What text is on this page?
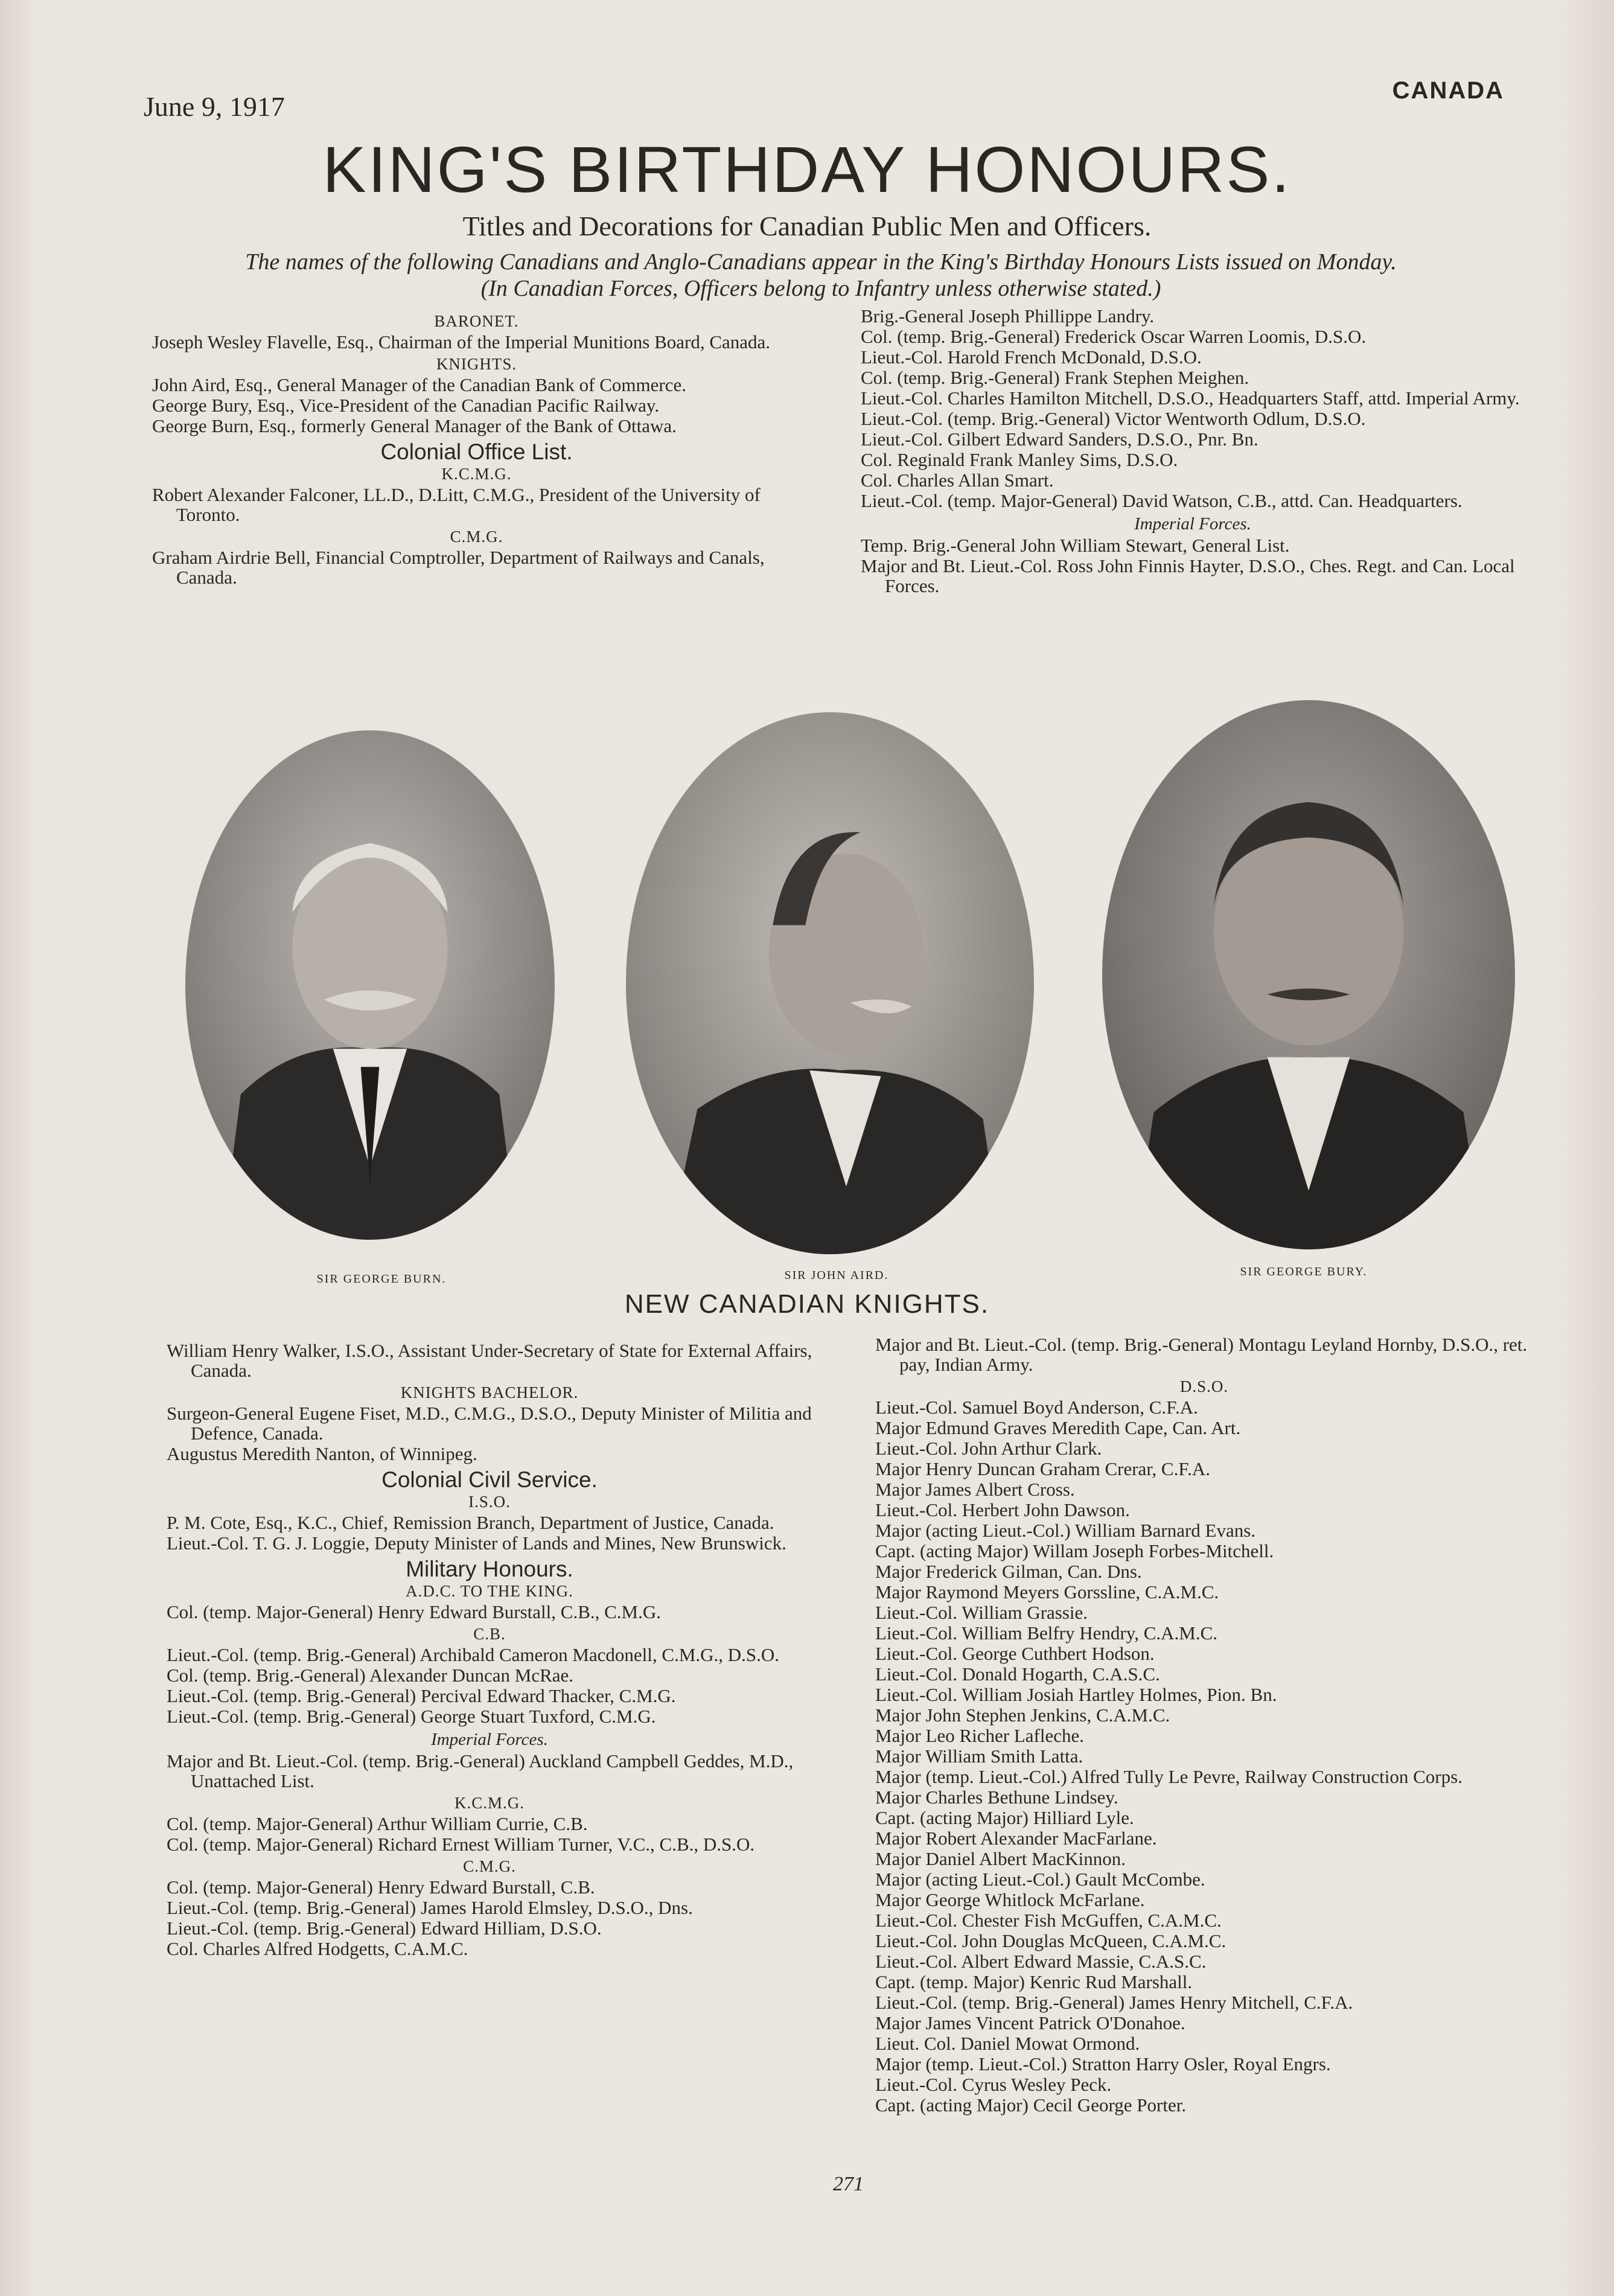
June 9, 1917
CANADA
KING'S BIRTHDAY HONOURS.
Titles and Decorations for Canadian Public Men and Officers.
The names of the following Canadians and Anglo-Canadians appear in the King's Birthday Honours Lists issued on Monday.
(In Canadian Forces, Officers belong to Infantry unless otherwise stated.)
BARONET.
Joseph Wesley Flavelle, Esq., Chairman of the Imperial Munitions Board, Canada.
KNIGHTS.
John Aird, Esq., General Manager of the Canadian Bank of Commerce.
George Bury, Esq., Vice-President of the Canadian Pacific Railway.
George Burn, Esq., formerly General Manager of the Bank of Ottawa.
Colonial Office List.
K.C.M.G.
Robert Alexander Falconer, LL.D., D.Litt, C.M.G., President of the University of Toronto.
C.M.G.
Graham Airdrie Bell, Financial Comptroller, Department of Railways and Canals, Canada.
Brig.-General Joseph Phillippe Landry.
Col. (temp. Brig.-General) Frederick Oscar Warren Loomis, D.S.O.
Lieut.-Col. Harold French McDonald, D.S.O.
Col. (temp. Brig.-General) Frank Stephen Meighen.
Lieut.-Col. Charles Hamilton Mitchell, D.S.O., Headquarters Staff, attd. Imperial Army.
Lieut.-Col. (temp. Brig.-General) Victor Wentworth Odlum, D.S.O.
Lieut.-Col. Gilbert Edward Sanders, D.S.O., Pnr. Bn.
Col. Reginald Frank Manley Sims, D.S.O.
Col. Charles Allan Smart.
Lieut.-Col. (temp. Major-General) David Watson, C.B., attd. Can. Headquarters.
Imperial Forces.
Temp. Brig.-General John William Stewart, General List.
Major and Bt. Lieut.-Col. Ross John Finnis Hayter, D.S.O., Ches. Regt. and Can. Local Forces.
SIR GEORGE BURN.	SIR JOHN AIRD.	SIR GEORGE BURY.
NEW CANADIAN KNIGHTS.
William Henry Walker, I.S.O., Assistant Under-Secretary of State for External Affairs, Canada.
KNIGHTS BACHELOR.
Surgeon-General Eugene Fiset, M.D., C.M.G., D.S.O., Deputy Minister of Militia and Defence, Canada.
Augustus Meredith Nanton, of Winnipeg.
Colonial Civil Service.
I.S.O.
P. M. Cote, Esq., K.C., Chief, Remission Branch, Department of Justice, Canada.
Lieut.-Col. T. G. J. Loggie, Deputy Minister of Lands and Mines, New Brunswick.
Military Honours.
A.D.C. TO THE KING.
Col. (temp. Major-General) Henry Edward Burstall, C.B., C.M.G.
C.B.
Lieut.-Col. (temp. Brig.-General) Archibald Cameron Macdonell, C.M.G., D.S.O.
Col. (temp. Brig.-General) Alexander Duncan McRae.
Lieut.-Col. (temp. Brig.-General) Percival Edward Thacker, C.M.G.
Lieut.-Col. (temp. Brig.-General) George Stuart Tuxford, C.M.G.
Imperial Forces.
Major and Bt. Lieut.-Col. (temp. Brig.-General) Auckland Campbell Geddes, M.D., Unattached List.
K.C.M.G.
Col. (temp. Major-General) Arthur William Currie, C.B.
Col. (temp. Major-General) Richard Ernest William Turner, V.C., C.B., D.S.O.
C.M.G.
Col. (temp. Major-General) Henry Edward Burstall, C.B.
Lieut.-Col. (temp. Brig.-General) James Harold Elmsley, D.S.O., Dns.
Lieut.-Col. (temp. Brig.-General) Edward Hilliam, D.S.O.
Col. Charles Alfred Hodgetts, C.A.M.C.
Major and Bt. Lieut.-Col. (temp. Brig.-General) Montagu Leyland Hornby, D.S.O., ret. pay, Indian Army.
D.S.O.
Lieut.-Col. Samuel Boyd Anderson, C.F.A.
Major Edmund Graves Meredith Cape, Can. Art.
Lieut.-Col. John Arthur Clark.
Major Henry Duncan Graham Crerar, C.F.A.
Major James Albert Cross.
Lieut.-Col. Herbert John Dawson.
Major (acting Lieut.-Col.) William Barnard Evans.
Capt. (acting Major) Willam Joseph Forbes-Mitchell.
Major Frederick Gilman, Can. Dns.
Major Raymond Meyers Gorssline, C.A.M.C.
Lieut.-Col. William Grassie.
Lieut.-Col. William Belfry Hendry, C.A.M.C.
Lieut.-Col. George Cuthbert Hodson.
Lieut.-Col. Donald Hogarth, C.A.S.C.
Lieut.-Col. William Josiah Hartley Holmes, Pion. Bn.
Major John Stephen Jenkins, C.A.M.C.
Major Leo Richer Lafleche.
Major William Smith Latta.
Major (temp. Lieut.-Col.) Alfred Tully Le Pevre, Railway Construction Corps.
Major Charles Bethune Lindsey.
Capt. (acting Major) Hilliard Lyle.
Major Robert Alexander MacFarlane.
Major Daniel Albert MacKinnon.
Major (acting Lieut.-Col.) Gault McCombe.
Major George Whitlock McFarlane.
Lieut.-Col. Chester Fish McGuffen, C.A.M.C.
Lieut.-Col. John Douglas McQueen, C.A.M.C.
Lieut.-Col. Albert Edward Massie, C.A.S.C.
Capt. (temp. Major) Kenric Rud Marshall.
Lieut.-Col. (temp. Brig.-General) James Henry Mitchell, C.F.A.
Major James Vincent Patrick O'Donahoe.
Lieut. Col. Daniel Mowat Ormond.
Major (temp. Lieut.-Col.) Stratton Harry Osler, Royal Engrs.
Lieut.-Col. Cyrus Wesley Peck.
Capt. (acting Major) Cecil George Porter.
271
